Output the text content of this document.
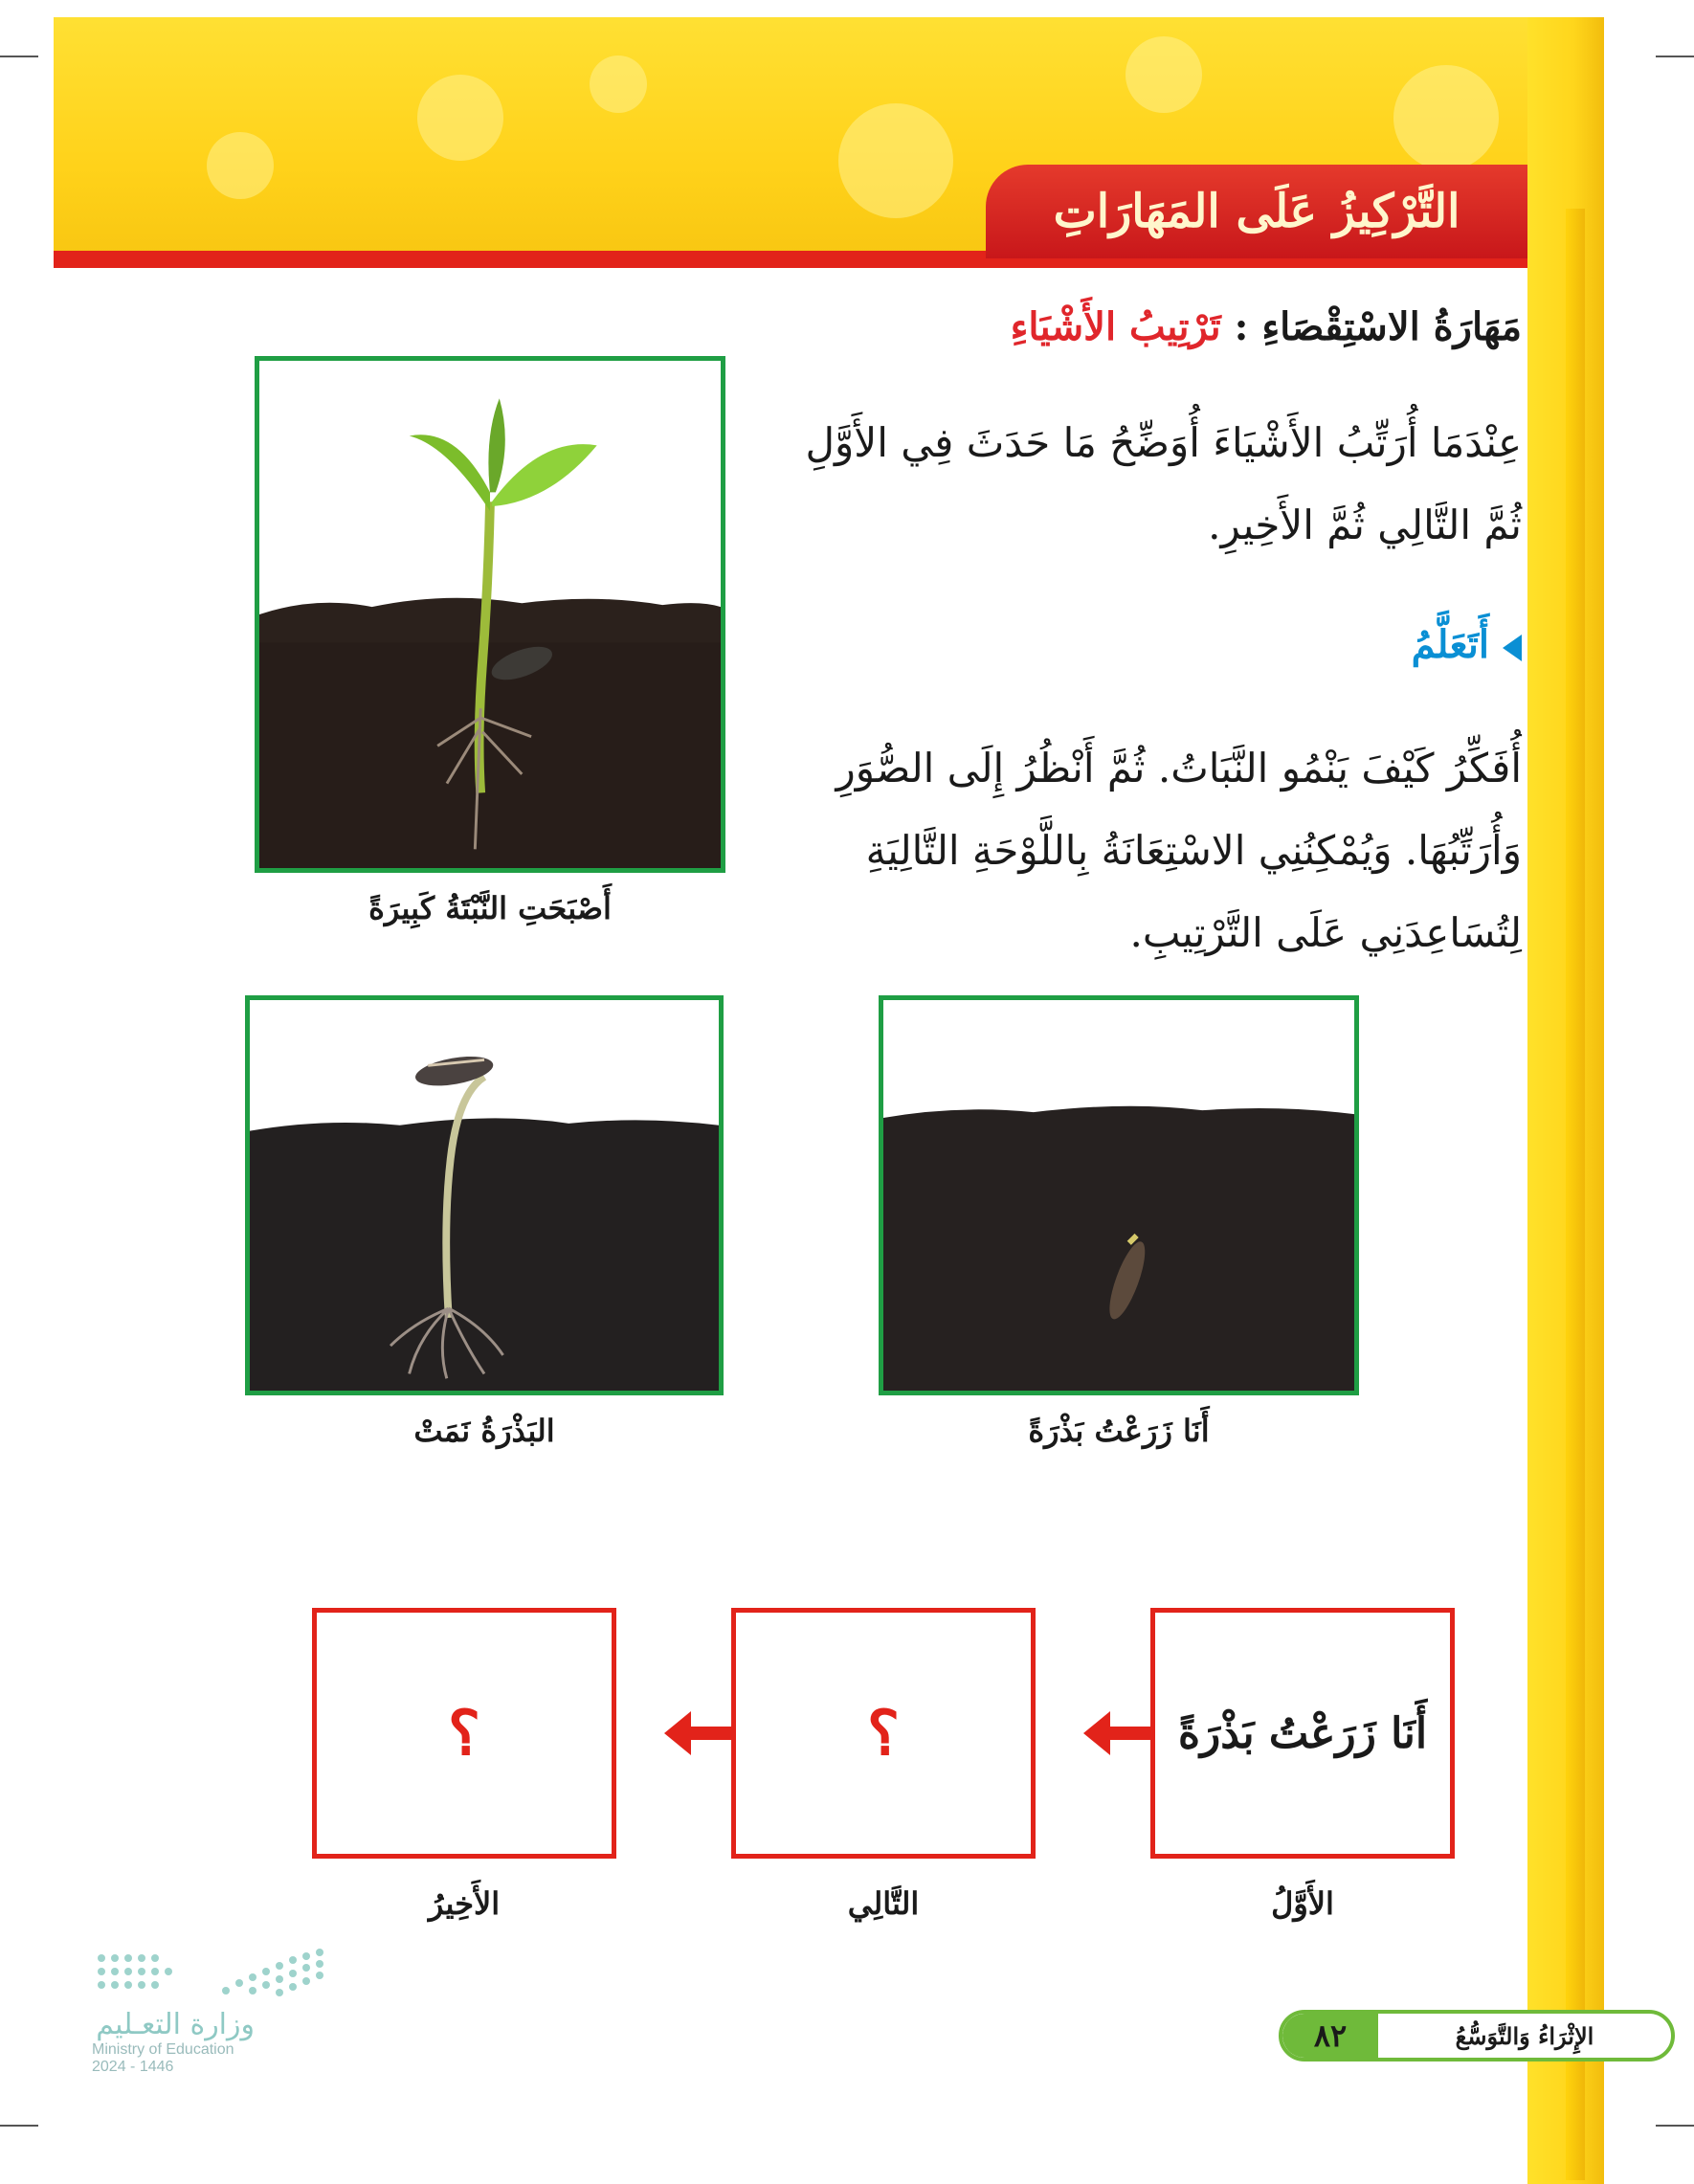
التَّرْكِيزُ عَلَى المَهَارَاتِ
مَهَارَةُ الاسْتِقْصَاءِ : تَرْتِيبُ الأَشْيَاءِ
عِنْدَمَا أُرَتِّبُ الأَشْيَاءَ أُوَضِّحُ مَا حَدَثَ فِي الأَوَّلِ ثُمَّ التَّالِي ثُمَّ الأَخِيرِ.
أَتَعَلَّمُ
أُفَكِّرُ كَيْفَ يَنْمُو النَّبَاتُ. ثُمَّ أَنْظُرُ إِلَى الصُّوَرِ وَأُرَتِّبُهَا. وَيُمْكِنُنِي الاسْتِعَانَةُ بِاللَّوْحَةِ التَّالِيَةِ لِتُسَاعِدَنِي عَلَى التَّرْتِيبِ.
أَصْبَحَتِ النَّبْتَةُ كَبِيرَةً
البَذْرَةُ نَمَتْ	أَنَا زَرَعْتُ بَذْرَةً
أَنَا زَرَعْتُ بَذْرَةً
؟
؟
الأَوَّلُ
التَّالِي
الأَخِيرُ
الإِثْرَاءُ وَالتَّوَسُّعُ
٨٢
وزارة التعـليم
Ministry of Education
2024 - 1446
